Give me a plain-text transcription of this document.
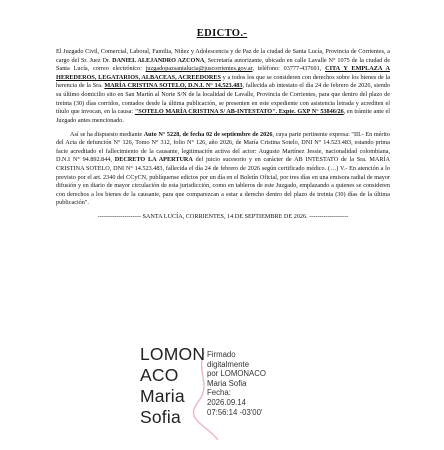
EDICTO.-

El Juzgado Civil, Comercial, Laboral, Familia, Niñez y Adolescencia y de Paz de la ciudad de Santa Lucía, Provincia de Corrientes, a cargo del Sr. Juez Dr. DANIEL ALEJANDRO AZCONA, Secretaría autorizante, ubicado en calle Lavalle N° 1075 de la ciudad de Santa Lucía, correo electrónico: juzgadopazsantalucia@juscorrientes.gov.ar, teléfono: 03777-437691, CITA Y EMPLAZA A HEREDEROS, LEGATARIOS, ALBACEAS, ACREEDORES y a todos los que se consideren con derechos sobre los bienes de la herencia de la Sra. MARÍA CRISTINA SOTELO, D.N.I. N° 14.523.483, fallecida ab intestato el día 24 de febrero de 2026, siendo su último domicilio sito en San Martín al Norte S/N de la localidad de Lavalle, Provincia de Corrientes, para que dentro del plazo de treinta (30) días corridos, contados desde la última publicación, se presenten en este expediente con asistencia letrada y acrediten el título que invocan, en la causa: "SOTELO MARÍA CRISTINA S/ AB-INTESTATO". Expte. GXP N° 53846/26, en trámite ante el Juzgado antes mencionado.

Así se ha dispuesto mediante Auto N° 5228, de fecha 02 de septiembre de 2026, cuya parte pertinente expresa: "III.- En mérito del Acta de defunción N° 126, Tomo N° 312, folio N° 126, año 2026, de María Cristina Sotelo, DNI N° 14.523.483, estando prima facie acreditado el fallecimiento de la causante, legitimación activa del actor: Augusto Martínez Jessie, nacionalidad colombiana, D.N.I N° 94.892.844, DECRETO LA APERTURA del juicio sucesorio y en carácter de AB INTESTATO de la Sra. MARÍA CRISTINA SOTELO, DNI N° 14.523.483, fallecida el día 24 de febrero de 2026 según certificado médico. (…) V.- En atención a lo previsto por el art. 2340 del CCyCN, publíquense edictos por un día en el Boletín Oficial, por tres días en una emisora radial de mayor difusión y en diario de mayor circulación de esta jurisdicción, como en tableros de este Juzgado, emplazando a quienes se consideren con derechos a los bienes de la causante, para que comparezcan a estar a derecho dentro del plazo de treinta (30) días de la última publicación".

--------------------- SANTA LUCÍA, CORRIENTES, 14 DE SEPTIEMBRE DE 2026. -------------------

LOMON
ACO
Maria
Sofia
Firmado
digitalmente
por LOMONACO
Maria Sofia
Fecha:
2026.09.14
07:56:14 -03'00'
